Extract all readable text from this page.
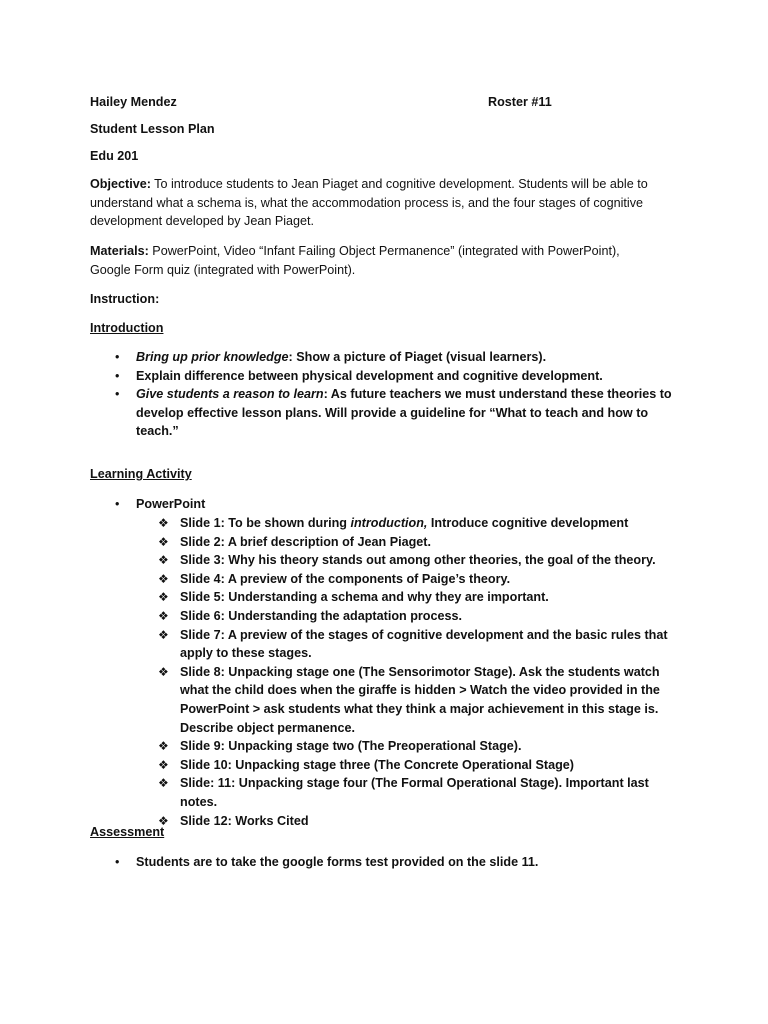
Hailey Mendez	Roster #11
Student Lesson Plan
Edu 201
Objective: To introduce students to Jean Piaget and cognitive development. Students will be able to understand what a schema is, what the accommodation process is, and the four stages of cognitive development developed by Jean Piaget.
Materials: PowerPoint, Video “Infant Failing Object Permanence” (integrated with PowerPoint), Google Form quiz (integrated with PowerPoint).
Instruction:
Introduction
• Bring up prior knowledge: Show a picture of Piaget (visual learners).
• Explain difference between physical development and cognitive development.
• Give students a reason to learn: As future teachers we must understand these theories to develop effective lesson plans. Will provide a guideline for “What to teach and how to teach.”
Learning Activity
• PowerPoint
❖ Slide 1: To be shown during introduction, Introduce cognitive development
❖ Slide 2: A brief description of Jean Piaget.
❖ Slide 3: Why his theory stands out among other theories, the goal of the theory.
❖ Slide 4: A preview of the components of Paige’s theory.
❖ Slide 5: Understanding a schema and why they are important.
❖ Slide 6: Understanding the adaptation process.
❖ Slide 7: A preview of the stages of cognitive development and the basic rules that apply to these stages.
❖ Slide 8: Unpacking stage one (The Sensorimotor Stage). Ask the students watch what the child does when the giraffe is hidden > Watch the video provided in the PowerPoint > ask students what they think a major achievement in this stage is. Describe object permanence.
❖ Slide 9: Unpacking stage two (The Preoperational Stage).
❖ Slide 10: Unpacking stage three (The Concrete Operational Stage)
❖ Slide: 11: Unpacking stage four (The Formal Operational Stage). Important last notes.
❖ Slide 12: Works Cited
Assessment
• Students are to take the google forms test provided on the slide 11.
